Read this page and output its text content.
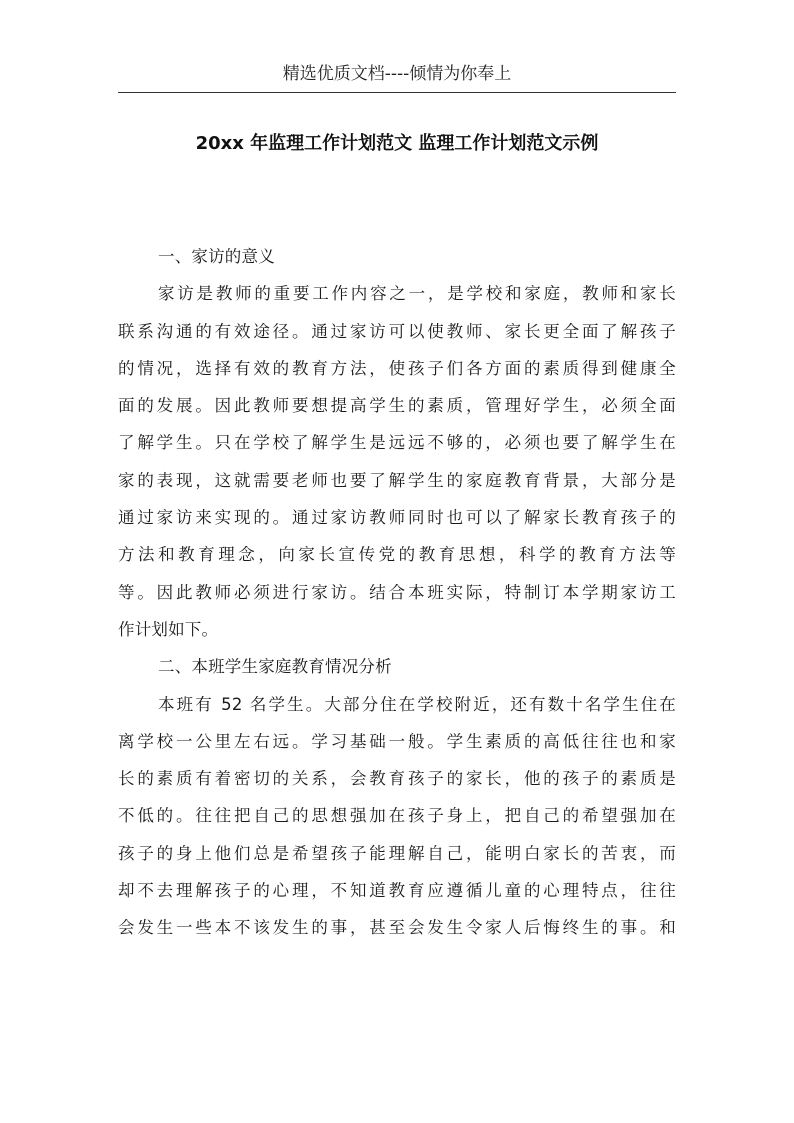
精选优质文档----倾情为你奉上
20xx 年监理工作计划范文 监理工作计划范文示例
一、家访的意义
家访是教师的重要工作内容之一，是学校和家庭，教师和家长
联系沟通的有效途径。通过家访可以使教师、家长更全面了解孩子
的情况，选择有效的教育方法，使孩子们各方面的素质得到健康全
面的发展。因此教师要想提高学生的素质，管理好学生，必须全面
了解学生。只在学校了解学生是远远不够的，必须也要了解学生在
家的表现，这就需要老师也要了解学生的家庭教育背景，大部分是
通过家访来实现的。通过家访教师同时也可以了解家长教育孩子的
方法和教育理念，向家长宣传党的教育思想，科学的教育方法等
等。因此教师必须进行家访。结合本班实际，特制订本学期家访工
作计划如下。
二、本班学生家庭教育情况分析
本班有 52 名学生。大部分住在学校附近，还有数十名学生住在
离学校一公里左右远。学习基础一般。学生素质的高低往往也和家
长的素质有着密切的关系，会教育孩子的家长，他的孩子的素质是
不低的。往往把自己的思想强加在孩子身上，把自己的希望强加在
孩子的身上他们总是希望孩子能理解自己，能明白家长的苦衷，而
却不去理解孩子的心理，不知道教育应遵循儿童的心理特点，往往
会发生一些本不该发生的事，甚至会发生令家人后悔终生的事。和
